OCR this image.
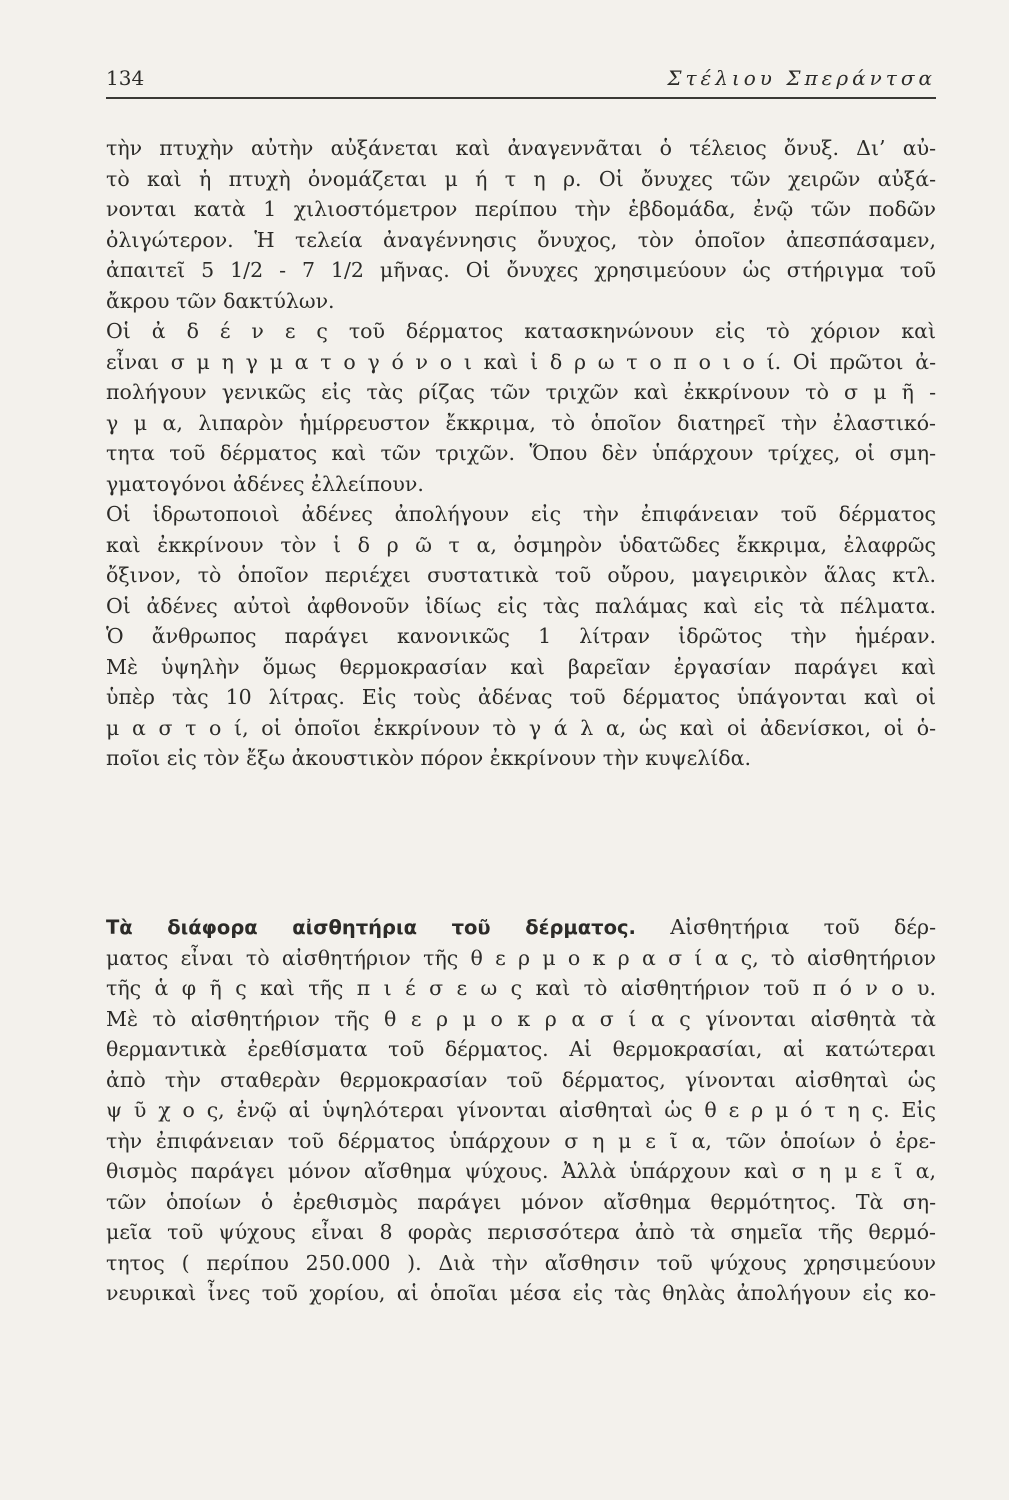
134	Στέλιου Σπεράντσα
τὴν πτυχὴν αὐτὴν αὐξάνεται καὶ ἀναγεννᾶται ὁ τέλειος ὄνυξ. Δι’ αὐ-
τὸ καὶ ἡ πτυχὴ ὀνομάζεται μ ή τ η ρ. Οἱ ὄνυχες τῶν χειρῶν αὐξά-
νονται κατὰ 1 χιλιοστόμετρον περίπου τὴν ἑβδομάδα, ἐνῷ τῶν ποδῶν
ὀλιγώτερον. Ἡ τελεία ἀναγέννησις ὄνυχος, τὸν ὁποῖον ἀπεσπάσαμεν,
ἀπαιτεῖ 5 1/2 - 7 1/2 μῆνας. Οἱ ὄνυχες χρησιμεύουν ὡς στήριγμα τοῦ
ἄκρου τῶν δακτύλων.
Οἱ ἀ δ έ ν ε ς τοῦ δέρματος κατασκηνώνουν εἰς τὸ χόριον καὶ
εἶναι σ μ η γ μ α τ ο γ ό ν ο ι καὶ ἱ δ ρ ω τ ο π ο ι ο ί. Οἱ πρῶτοι ἀ-
πολήγουν γενικῶς εἰς τὰς ρίζας τῶν τριχῶν καὶ ἐκκρίνουν τὸ σ μ ῆ -
γ μ α, λιπαρὸν ἡμίρρευστον ἔκκριμα, τὸ ὁποῖον διατηρεῖ τὴν ἐλαστικό-
τητα τοῦ δέρματος καὶ τῶν τριχῶν. Ὅπου δὲν ὑπάρχουν τρίχες, οἱ σμη-
γματογόνοι ἀδένες ἐλλείπουν.
Οἱ ἱδρωτοποιοὶ ἀδένες ἀπολήγουν εἰς τὴν ἐπιφάνειαν τοῦ δέρματος
καὶ ἐκκρίνουν τὸν ἱ δ ρ ῶ τ α, ὀσμηρὸν ὑδατῶδες ἔκκριμα, ἐλαφρῶς
ὄξινον, τὸ ὁποῖον περιέχει συστατικὰ τοῦ οὔρου, μαγειρικὸν ἅλας κτλ.
Οἱ ἀδένες αὐτοὶ ἀφθονοῦν ἰδίως εἰς τὰς παλάμας καὶ εἰς τὰ πέλματα.
Ὁ ἄνθρωπος παράγει κανονικῶς 1 λίτραν ἱδρῶτος τὴν ἡμέραν.
Μὲ ὑψηλὴν ὅμως θερμοκρασίαν καὶ βαρεῖαν ἐργασίαν παράγει καὶ
ὑπὲρ τὰς 10 λίτρας. Εἰς τοὺς ἀδένας τοῦ δέρματος ὑπάγονται καὶ οἱ
μ α σ τ ο ί, οἱ ὁποῖοι ἐκκρίνουν τὸ γ ά λ α, ὡς καὶ οἱ ἀδενίσκοι, οἱ ὁ-
ποῖοι εἰς τὸν ἔξω ἀκουστικὸν πόρον ἐκκρίνουν τὴν κυψελίδα.
Τὰ διάφορα αἰσθητήρια τοῦ δέρματος. Αἰσθητήρια τοῦ δέρ-
ματος εἶναι τὸ αἰσθητήριον τῆς θ ε ρ μ ο κ ρ α σ ί α ς, τὸ αἰσθητήριον
τῆς ἁ φ ῆ ς καὶ τῆς π ι έ σ ε ω ς καὶ τὸ αἰσθητήριον τοῦ π ό ν ο υ.
Μὲ τὸ αἰσθητήριον τῆς θ ε ρ μ ο κ ρ α σ ί α ς γίνονται αἰσθητὰ τὰ
θερμαντικὰ ἐρεθίσματα τοῦ δέρματος. Αἱ θερμοκρασίαι, αἱ κατώτεραι
ἀπὸ τὴν σταθερὰν θερμοκρασίαν τοῦ δέρματος, γίνονται αἰσθηταὶ ὡς
ψ ῦ χ ο ς, ἐνῷ αἱ ὑψηλότεραι γίνονται αἰσθηταὶ ὡς θ ε ρ μ ό τ η ς. Εἰς
τὴν ἐπιφάνειαν τοῦ δέρματος ὑπάρχουν σ η μ ε ῖ α, τῶν ὁποίων ὁ ἐρε-
θισμὸς παράγει μόνον αἴσθημα ψύχους. Ἀλλὰ ὑπάρχουν καὶ σ η μ ε ῖ α,
τῶν ὁποίων ὁ ἐρεθισμὸς παράγει μόνον αἴσθημα θερμότητος. Τὰ ση-
μεῖα τοῦ ψύχους εἶναι 8 φορὰς περισσότερα ἀπὸ τὰ σημεῖα τῆς θερμό-
τητος ( περίπου 250.000 ). Διὰ τὴν αἴσθησιν τοῦ ψύχους χρησιμεύουν
νευρικαὶ ἶνες τοῦ χορίου, αἱ ὁποῖαι μέσα εἰς τὰς θηλὰς ἀπολήγουν εἰς κο-
